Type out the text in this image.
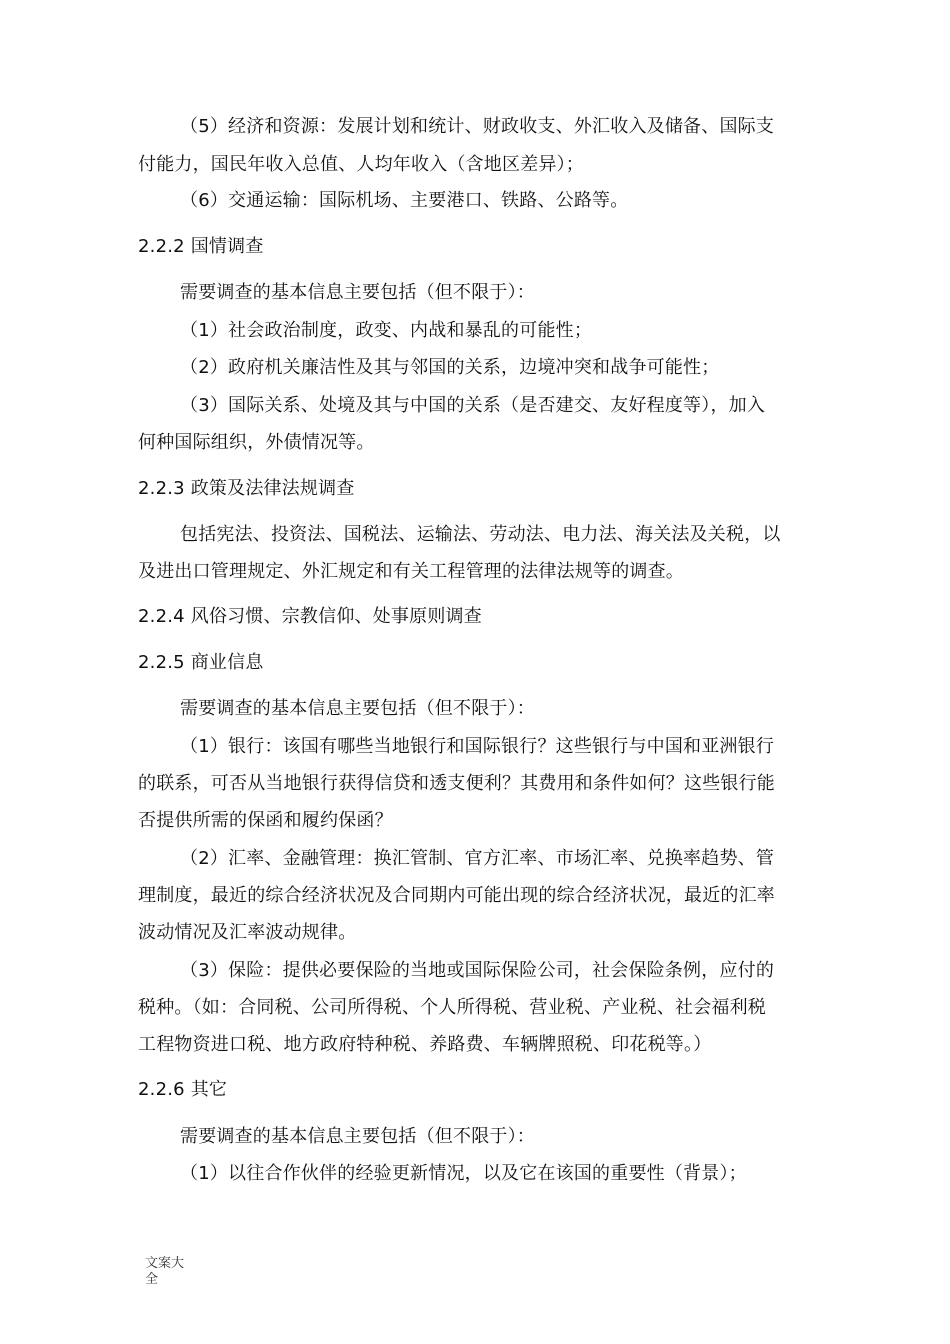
（5）经济和资源：发展计划和统计、财政收支、外汇收入及储备、国际支
付能力，国民年收入总值、人均年收入（含地区差异）；
（6）交通运输：国际机场、主要港口、铁路、公路等。
2.2.2 国情调查
需要调查的基本信息主要包括（但不限于）：
（1）社会政治制度，政变、内战和暴乱的可能性；
（2）政府机关廉洁性及其与邻国的关系，边境冲突和战争可能性；
（3）国际关系、处境及其与中国的关系（是否建交、友好程度等），加入
何种国际组织，外债情况等。
2.2.3 政策及法律法规调查
包括宪法、投资法、国税法、运输法、劳动法、电力法、海关法及关税，以
及进出口管理规定、外汇规定和有关工程管理的法律法规等的调查。
2.2.4 风俗习惯、宗教信仰、处事原则调查
2.2.5 商业信息
需要调查的基本信息主要包括（但不限于）：
（1）银行：该国有哪些当地银行和国际银行？这些银行与中国和亚洲银行
的联系，可否从当地银行获得信贷和透支便利？其费用和条件如何？这些银行能
否提供所需的保函和履约保函？
（2）汇率、金融管理：换汇管制、官方汇率、市场汇率、兑换率趋势、管
理制度，最近的综合经济状况及合同期内可能出现的综合经济状况，最近的汇率
波动情况及汇率波动规律。
（3）保险：提供必要保险的当地或国际保险公司，社会保险条例，应付的
税种。（如：合同税、公司所得税、个人所得税、营业税、产业税、社会福利税
工程物资进口税、地方政府特种税、养路费、车辆牌照税、印花税等。）
2.2.6 其它
需要调查的基本信息主要包括（但不限于）：
（1）以往合作伙伴的经验更新情况，以及它在该国的重要性（背景）；
文案大
全
